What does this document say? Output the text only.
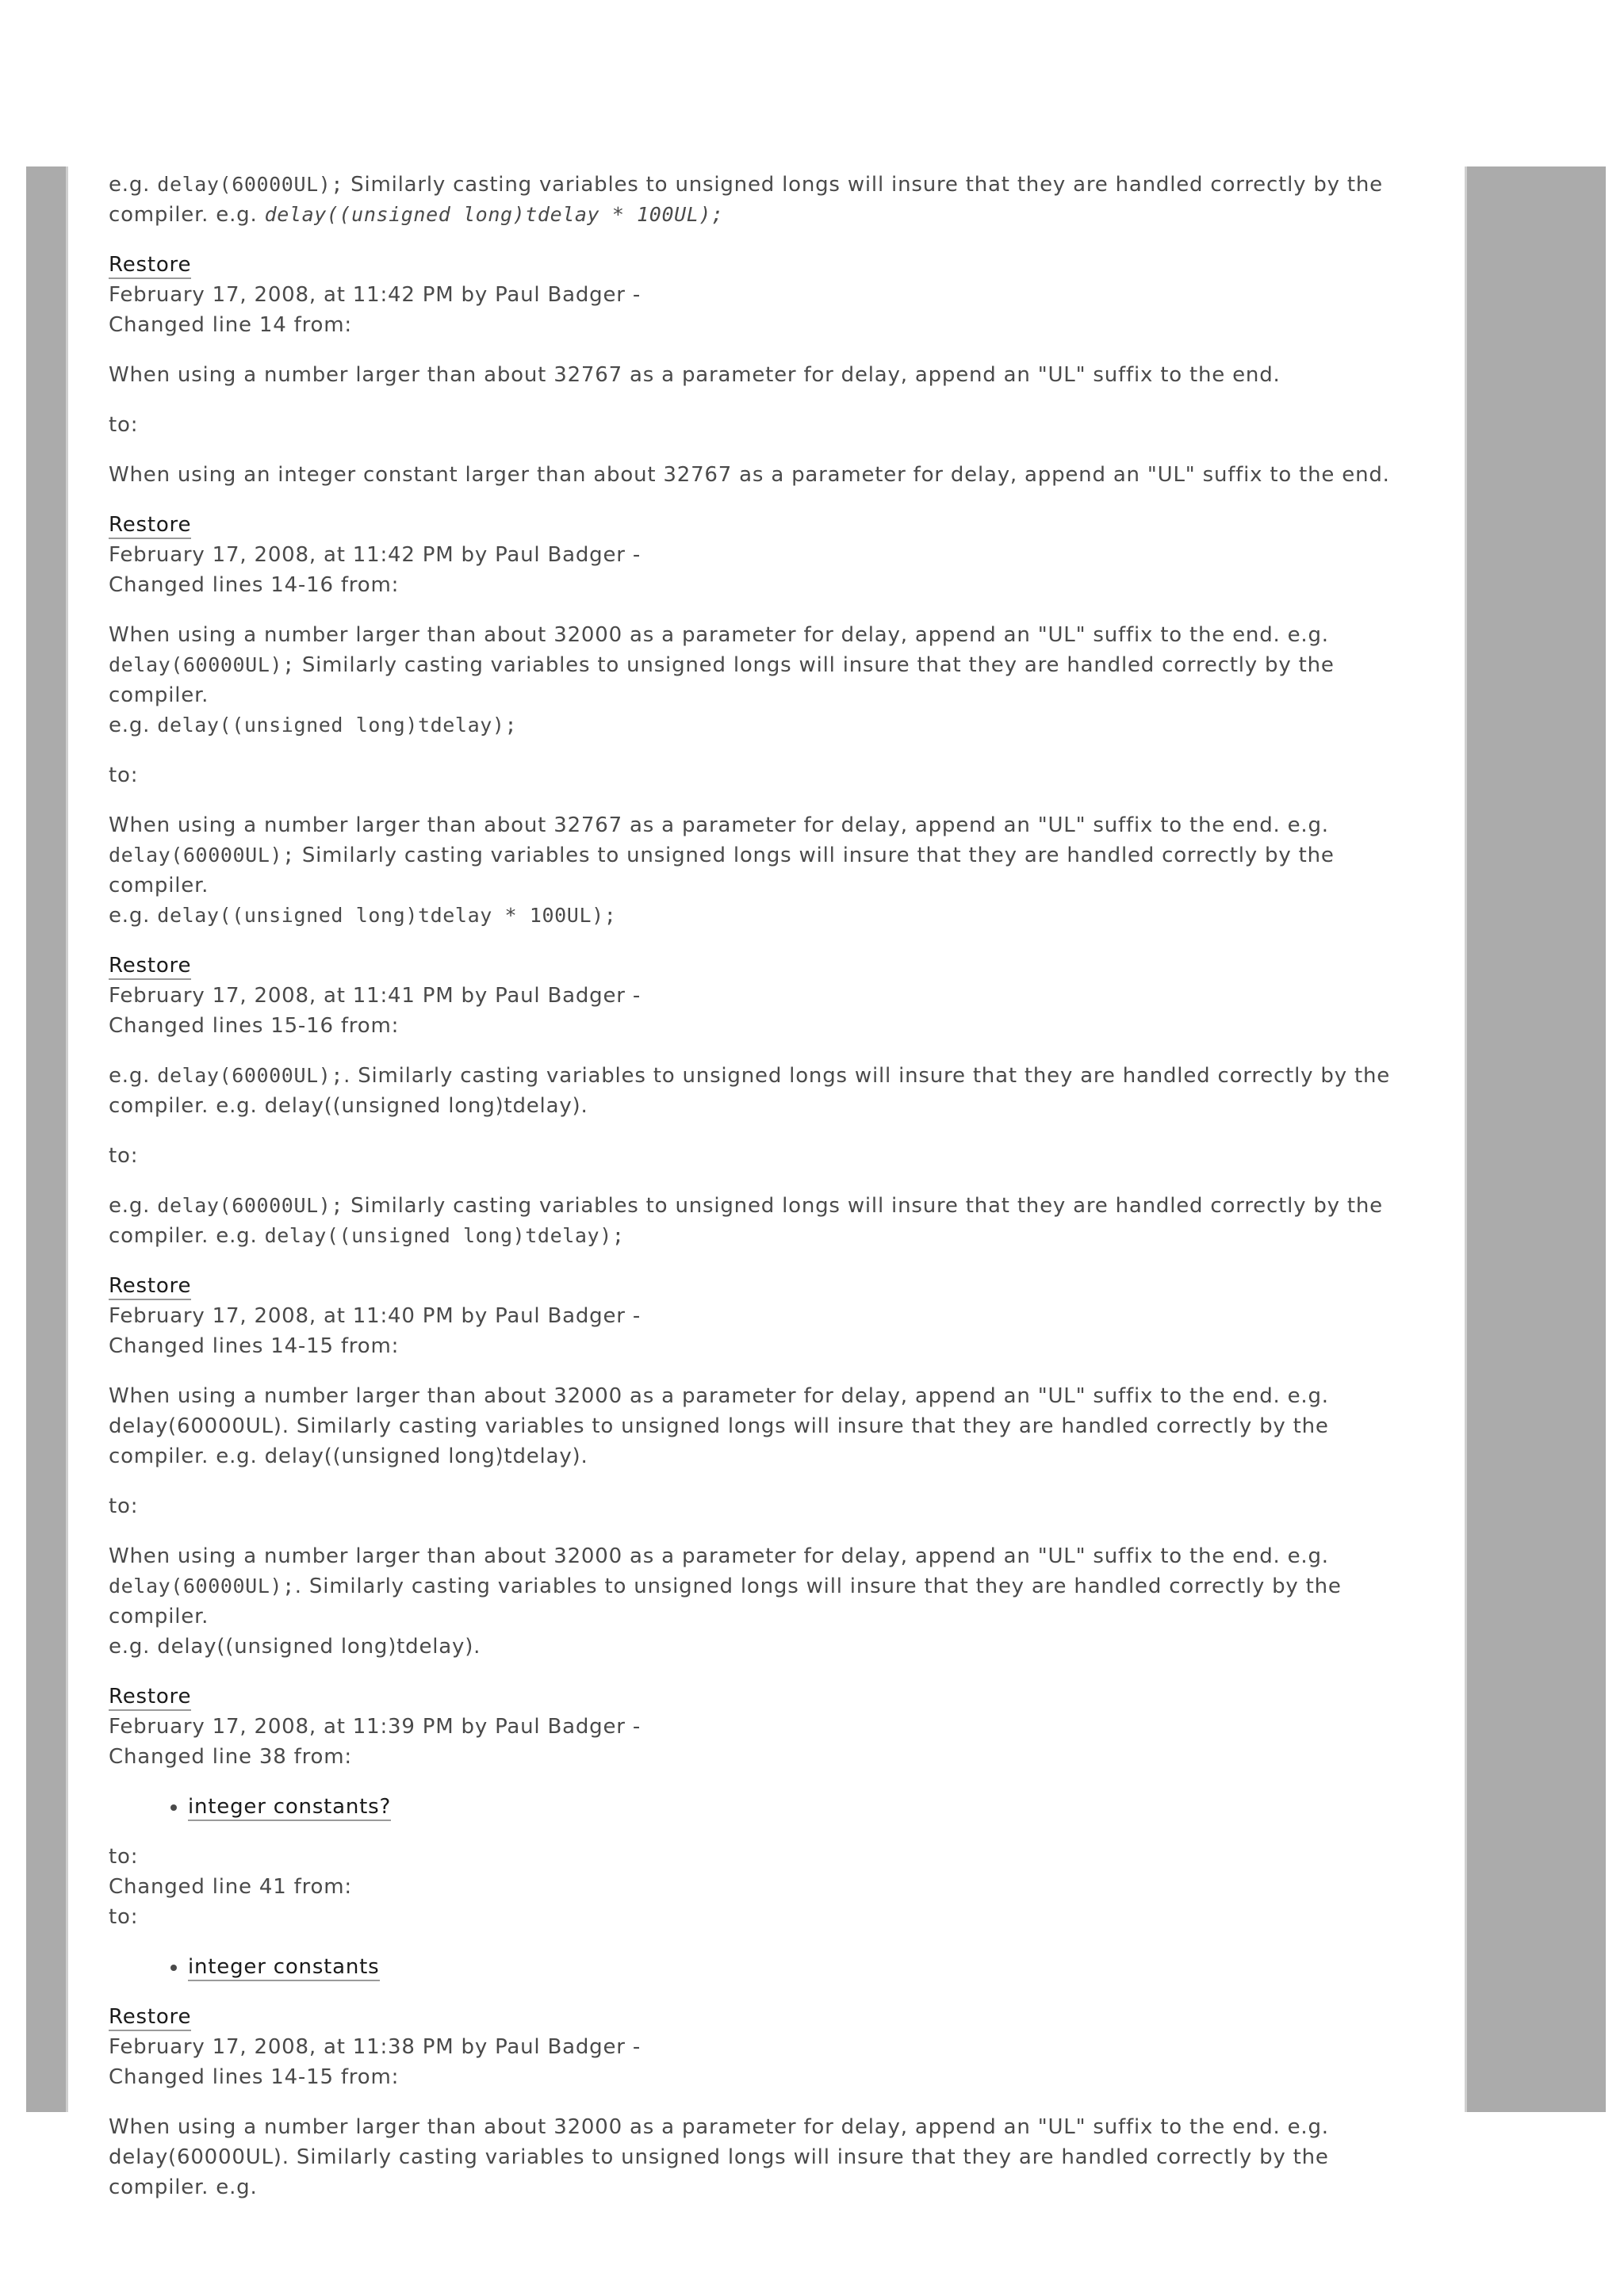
e.g. delay(60000UL); Similarly casting variables to unsigned longs will insure that they are handled correctly by the compiler. e.g. delay((unsigned long)tdelay * 100UL);

Restore
February 17, 2008, at 11:42 PM by Paul Badger -
Changed line 14 from:

When using a number larger than about 32767 as a parameter for delay, append an "UL" suffix to the end.

to:

When using an integer constant larger than about 32767 as a parameter for delay, append an "UL" suffix to the end.

Restore
February 17, 2008, at 11:42 PM by Paul Badger -
Changed lines 14-16 from:

When using a number larger than about 32000 as a parameter for delay, append an "UL" suffix to the end. e.g.
delay(60000UL); Similarly casting variables to unsigned longs will insure that they are handled correctly by the compiler.
e.g. delay((unsigned long)tdelay);

to:

When using a number larger than about 32767 as a parameter for delay, append an "UL" suffix to the end. e.g.
delay(60000UL); Similarly casting variables to unsigned longs will insure that they are handled correctly by the compiler.
e.g. delay((unsigned long)tdelay * 100UL);

Restore
February 17, 2008, at 11:41 PM by Paul Badger -
Changed lines 15-16 from:

e.g. delay(60000UL);. Similarly casting variables to unsigned longs will insure that they are handled correctly by the compiler. e.g. delay((unsigned long)tdelay).

to:

e.g. delay(60000UL); Similarly casting variables to unsigned longs will insure that they are handled correctly by the compiler. e.g. delay((unsigned long)tdelay);

Restore
February 17, 2008, at 11:40 PM by Paul Badger -
Changed lines 14-15 from:

When using a number larger than about 32000 as a parameter for delay, append an "UL" suffix to the end. e.g. delay(60000UL). Similarly casting variables to unsigned longs will insure that they are handled correctly by the compiler. e.g. delay((unsigned long)tdelay).

to:

When using a number larger than about 32000 as a parameter for delay, append an "UL" suffix to the end. e.g.
delay(60000UL);. Similarly casting variables to unsigned longs will insure that they are handled correctly by the compiler.
e.g. delay((unsigned long)tdelay).

Restore
February 17, 2008, at 11:39 PM by Paul Badger -
Changed line 38 from:
• integer constants?
to:
Changed line 41 from:
to:
• integer constants
Restore
February 17, 2008, at 11:38 PM by Paul Badger -
Changed lines 14-15 from:

When using a number larger than about 32000 as a parameter for delay, append an "UL" suffix to the end. e.g. delay(60000UL). Similarly casting variables to unsigned longs will insure that they are handled correctly by the compiler. e.g.
